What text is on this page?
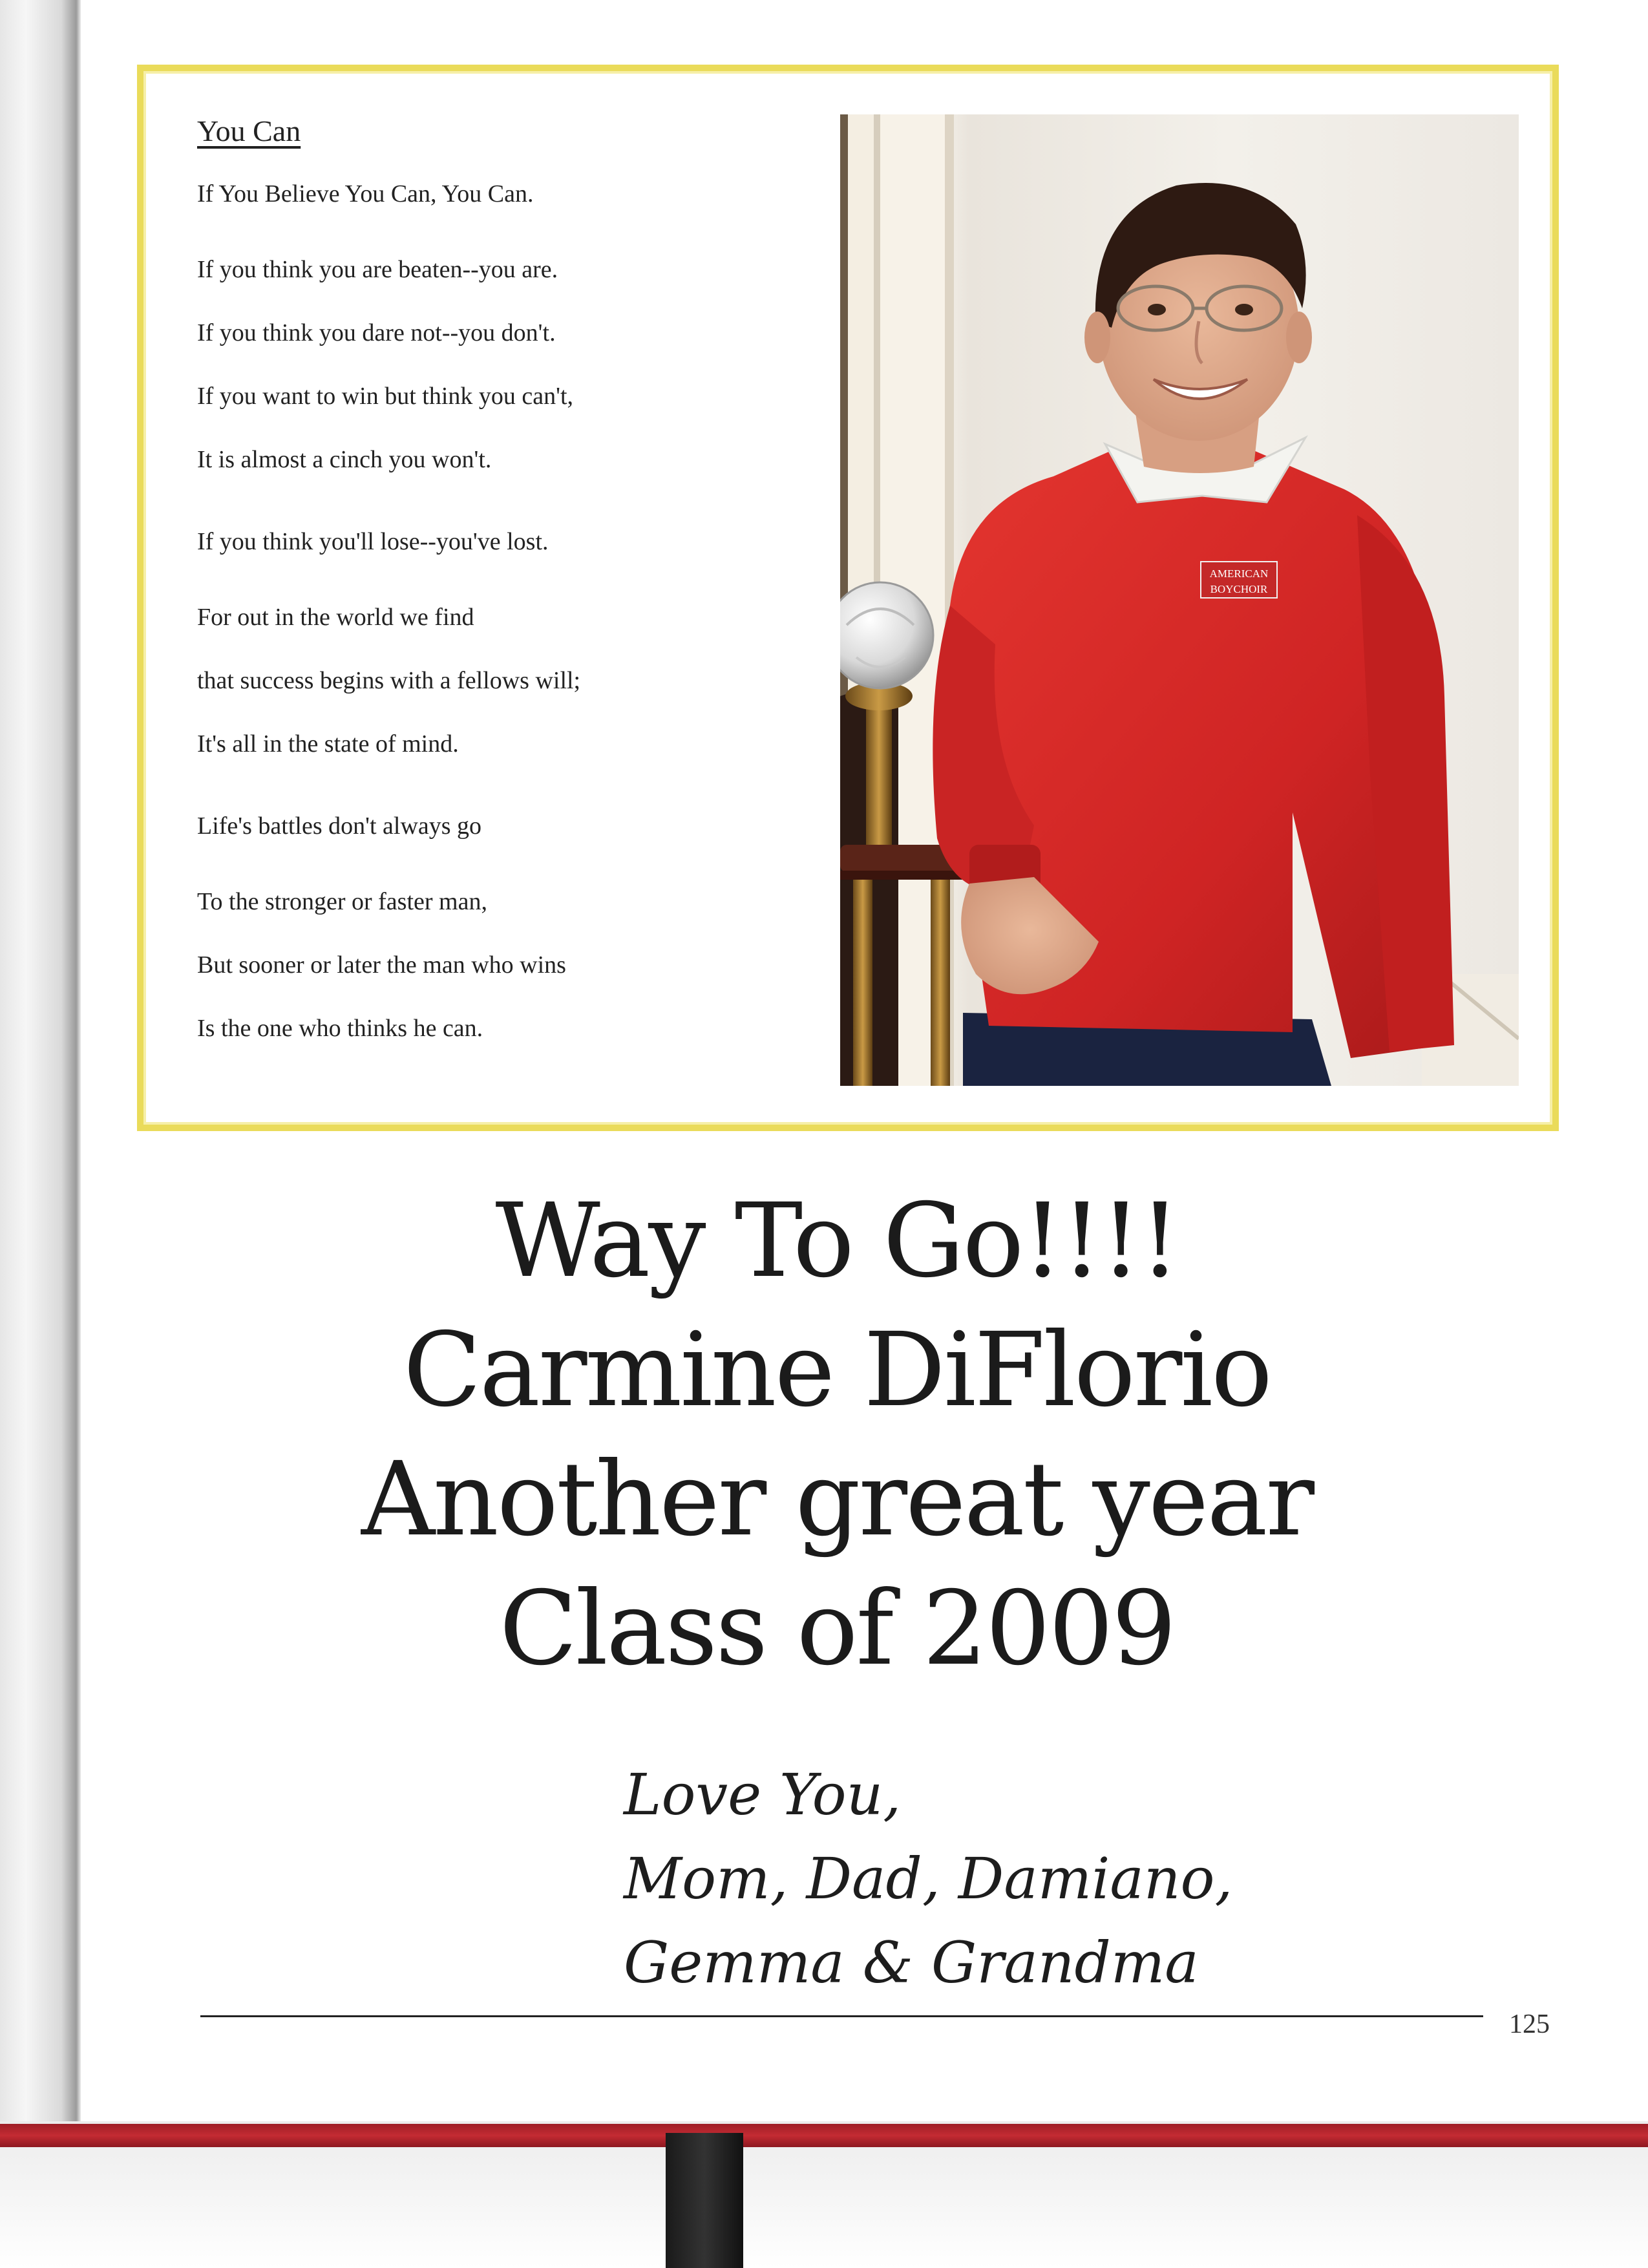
You Can
If You Believe You Can, You Can.
If you think you are beaten--you are.
If you think you dare not--you don't.
If you want to win but think you can't,
It is almost a cinch you won't.
If you think you'll lose--you've lost.
For out in the world we find
that success begins with a fellows will;
It's all in the state of mind.
Life's battles don't always go
To the stronger or faster man,
But sooner or later the man who wins
Is the one who thinks he can.
AMERICAN
BOYCHOIR
Way To Go!!!!
Carmine DiFlorio
Another great year
Class of 2009
Love You,
Mom, Dad, Damiano,
Gemma & Grandma
125
